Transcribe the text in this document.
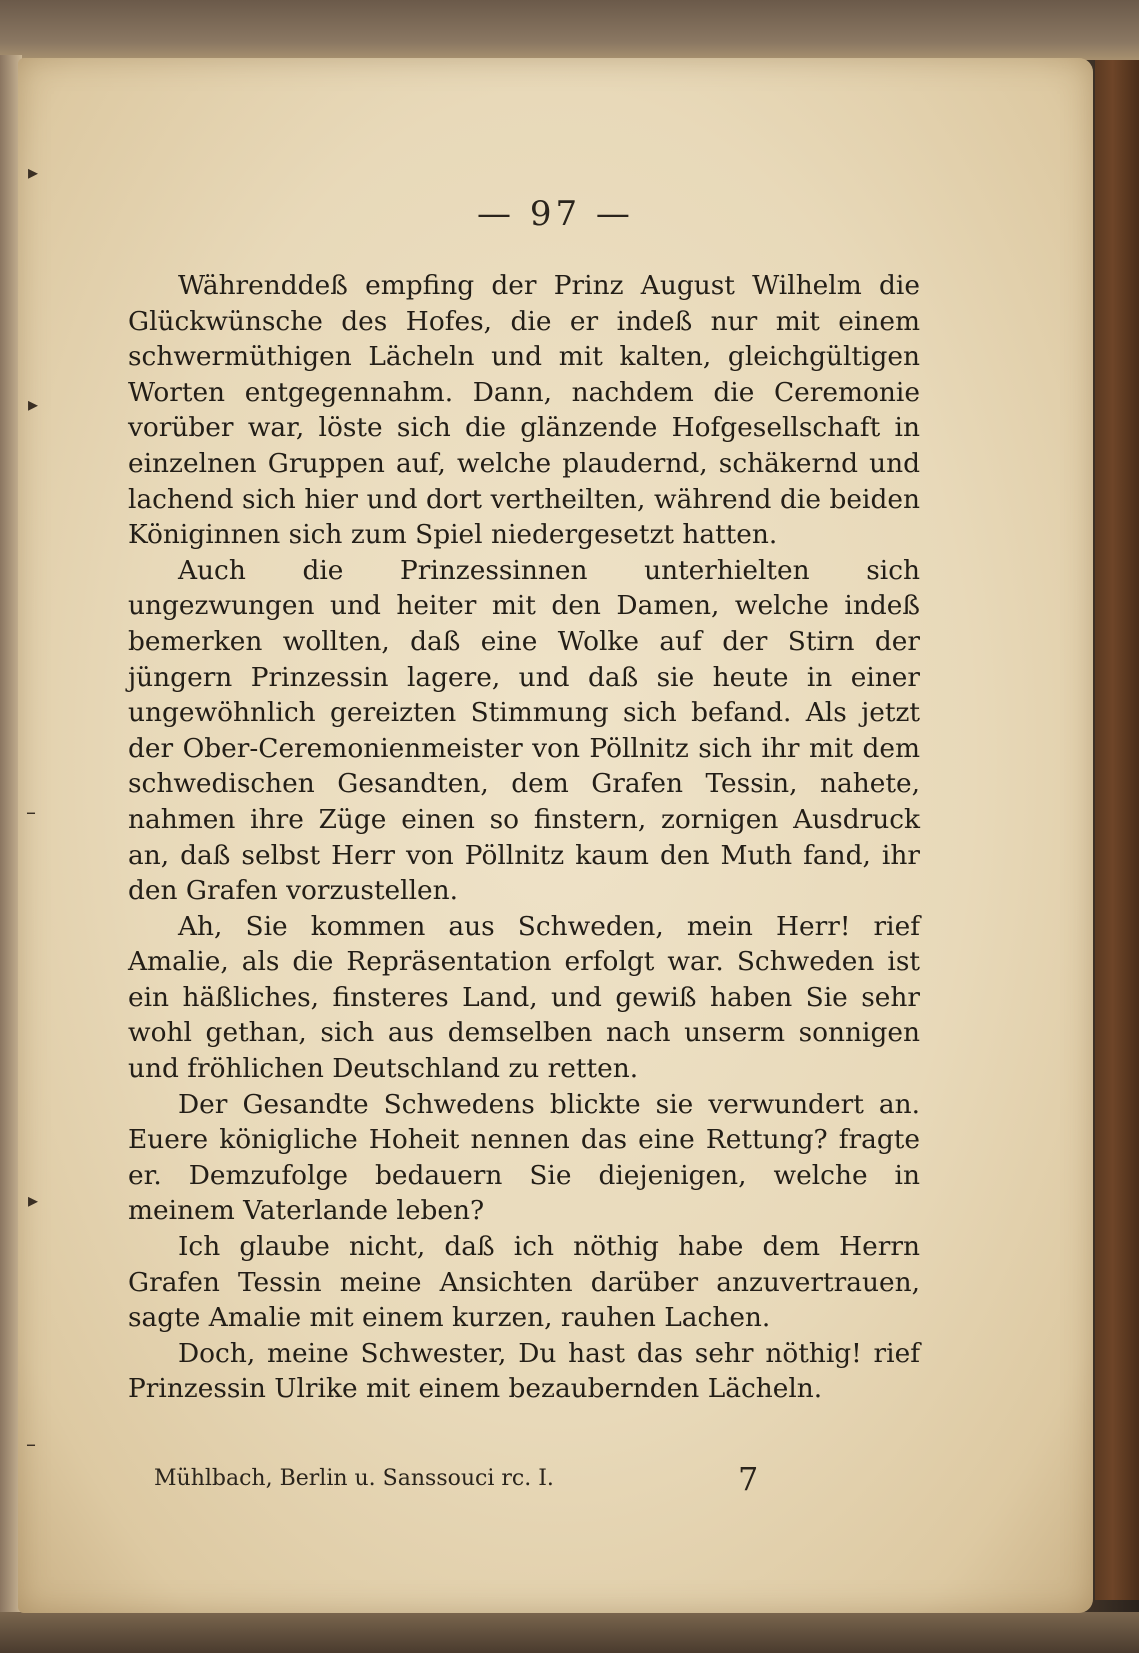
— 97 —

Währenddeß empfing der Prinz August Wilhelm die Glückwünsche des Hofes, die er indeß nur mit einem schwermüthigen Lächeln und mit kalten, gleichgültigen Worten entgegennahm. Dann, nachdem die Ceremonie vorüber war, löste sich die glänzende Hofgesellschaft in einzelnen Gruppen auf, welche plaudernd, schäkernd und lachend sich hier und dort vertheilten, während die beiden Königinnen sich zum Spiel niedergesetzt hatten.

Auch die Prinzessinnen unterhielten sich ungezwungen und heiter mit den Damen, welche indeß bemerken wollten, daß eine Wolke auf der Stirn der jüngern Prinzessin lagere, und daß sie heute in einer ungewöhnlich gereizten Stimmung sich befand. Als jetzt der Ober-Ceremonienmeister von Pöllnitz sich ihr mit dem schwedischen Gesandten, dem Grafen Tessin, nahete, nahmen ihre Züge einen so finstern, zornigen Ausdruck an, daß selbst Herr von Pöllnitz kaum den Muth fand, ihr den Grafen vorzustellen.

Ah, Sie kommen aus Schweden, mein Herr! rief Amalie, als die Repräsentation erfolgt war. Schweden ist ein häßliches, finsteres Land, und gewiß haben Sie sehr wohl gethan, sich aus demselben nach unserm sonnigen und fröhlichen Deutschland zu retten.

Der Gesandte Schwedens blickte sie verwundert an. Euere königliche Hoheit nennen das eine Rettung? fragte er. Demzufolge bedauern Sie diejenigen, welche in meinem Vaterlande leben?

Ich glaube nicht, daß ich nöthig habe dem Herrn Grafen Tessin meine Ansichten darüber anzuvertrauen, sagte Amalie mit einem kurzen, rauhen Lachen.

Doch, meine Schwester, Du hast das sehr nöthig! rief Prinzessin Ulrike mit einem bezaubernden Lächeln.

Mühlbach, Berlin u. Sanssouci rc. I.	7
▸
▸
–
▸
–
